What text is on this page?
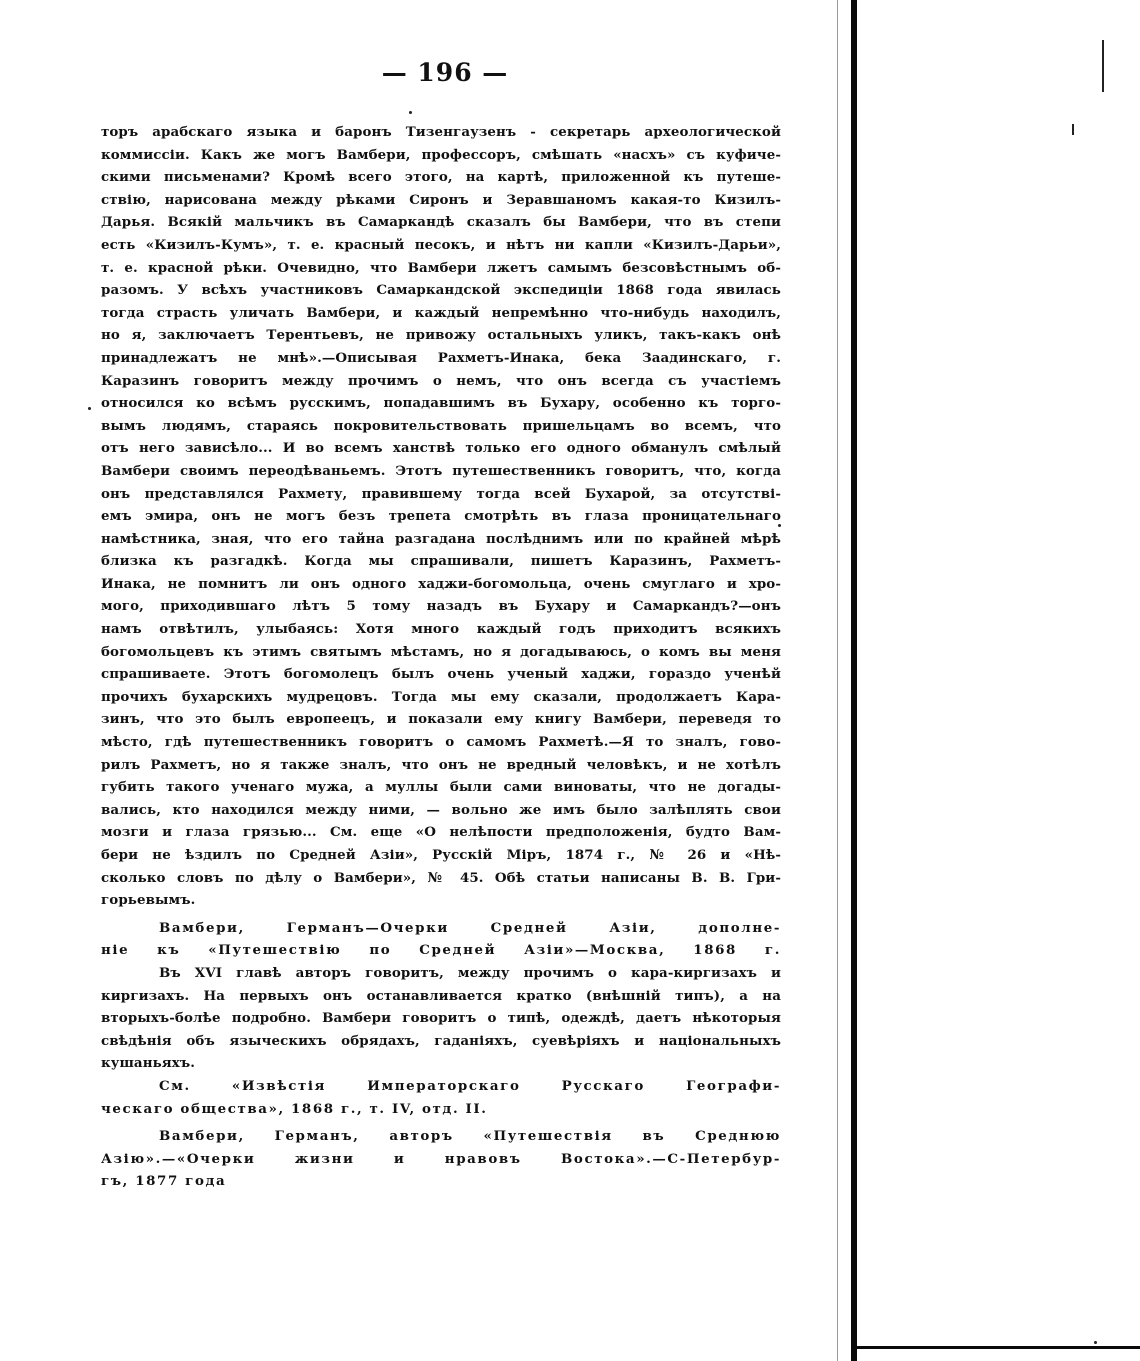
— 196 —
торъ арабскаго языка и баронъ Тизенгаузенъ - секретарь археологической
коммиссіи. Какъ же могъ Вамбери, профессоръ, смѣшать «насхъ» съ куфиче-
скими письменами? Кромѣ всего этого, на картѣ, приложенной къ путеше-
ствію, нарисована между рѣками Сиронъ и Зеравшаномъ какая-то Кизилъ-
Дарья. Всякій мальчикъ въ Самаркандѣ сказалъ бы Вамбери, что въ степи
есть «Кизилъ-Кумъ», т. е. красный песокъ, и нѣтъ ни капли «Кизилъ-Дарьи»,
т. е. красной рѣки. Очевидно, что Вамбери лжетъ самымъ безсовѣстнымъ об-
разомъ. У всѣхъ участниковъ Самаркандской экспедиціи 1868 года явилась
тогда страсть уличать Вамбери, и каждый непремѣнно что-нибудь находилъ,
но я, заключаетъ Терентьевъ, не привожу остальныхъ уликъ, такъ-какъ онѣ
принадлежатъ не мнѣ».—Описывая Рахметъ-Инака, бека Заадинскаго, г.
Каразинъ говоритъ между прочимъ о немъ, что онъ всегда съ участіемъ
относился ко всѣмъ русскимъ, попадавшимъ въ Бухару, особенно къ торго-
вымъ людямъ, стараясь покровительствовать пришельцамъ во всемъ, что
отъ него зависѣло... И во всемъ ханствѣ только его одного обманулъ смѣлый
Вамбери своимъ переодѣваньемъ. Этотъ путешественникъ говоритъ, что, когда
онъ представлялся Рахмету, правившему тогда всей Бухарой, за отсутстві-
емъ эмира, онъ не могъ безъ трепета смотрѣть въ глаза проницательнаго
намѣстника, зная, что его тайна разгадана послѣднимъ или по крайней мѣрѣ
близка къ разгадкѣ. Когда мы спрашивали, пишетъ Каразинъ, Рахметъ-
Инака, не помнитъ ли онъ одного хаджи-богомольца, очень смуглаго и хро-
мого, приходившаго лѣтъ 5 тому назадъ въ Бухару и Самаркандъ?—онъ
намъ отвѣтилъ, улыбаясь: Хотя много каждый годъ приходитъ всякихъ
богомольцевъ къ этимъ святымъ мѣстамъ, но я догадываюсь, о комъ вы меня
спрашиваете. Этотъ богомолецъ былъ очень ученый хаджи, гораздо ученѣй
прочихъ бухарскихъ мудрецовъ. Тогда мы ему сказали, продолжаетъ Кара-
зинъ, что это былъ европеецъ, и показали ему книгу Вамбери, переведя то
мѣсто, гдѣ путешественникъ говоритъ о самомъ Рахметѣ.—Я то зналъ, гово-
рилъ Рахметъ, но я также зналъ, что онъ не вредный человѣкъ, и не хотѣлъ
губить такого ученаго мужа, а муллы были сами виноваты, что не догады-
вались, кто находился между ними, — вольно же имъ было залѣплять свои
мозги и глаза грязью... См. еще «О нелѣпости предположенія, будто Вам-
бери не ѣздилъ по Средней Азіи», Русскій Міръ, 1874 г., № 26 и «Нѣ-
сколько словъ по дѣлу о Вамбери», № 45. Обѣ статьи написаны В. В. Гри-
горьевымъ.
Вамбери, Германъ—Очерки Средней Азіи, дополне-
ніе къ «Путешествію по Средней Азіи»—Москва, 1868 г.
Въ XVI главѣ авторъ говоритъ, между прочимъ о кара-киргизахъ и
киргизахъ. На первыхъ онъ останавливается кратко (внѣшній типъ), а на
вторыхъ-болѣе подробно. Вамбери говоритъ о типѣ, одеждѣ, даетъ нѣкоторыя
свѣдѣнія объ языческихъ обрядахъ, гаданіяхъ, суевѣріяхъ и національныхъ
кушаньяхъ.
См. «Извѣстія Императорскаго Русскаго Географи-
ческаго общества», 1868 г., т. IV, отд. II.
Вамбери, Германъ, авторъ «Путешествія въ Среднюю
Азію».—«Очерки жизни и нравовъ Востока».—С-Петербур-
гъ, 1877 года
